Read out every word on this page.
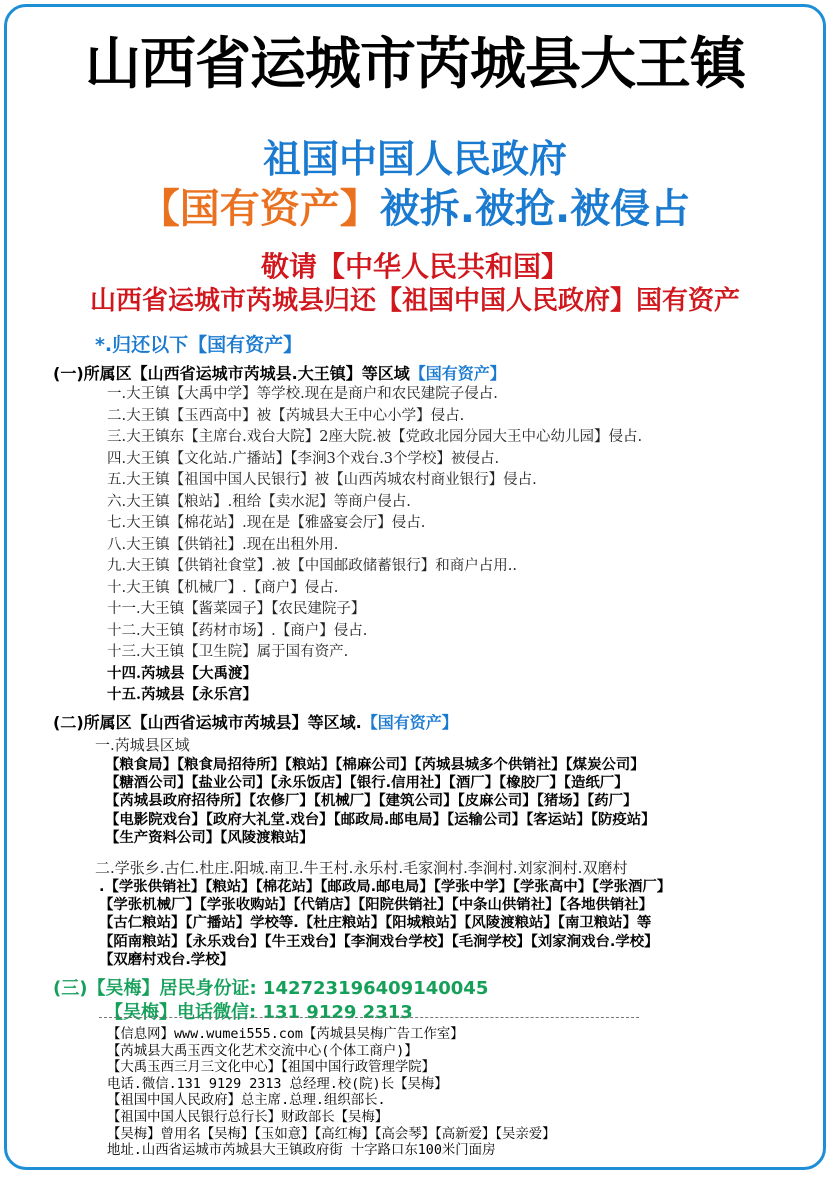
山西省运城市芮城县大王镇
祖国中国人民政府
【国有资产】被拆.被抢.被侵占
敬请【中华人民共和国】
山西省运城市芮城县归还【祖国中国人民政府】国有资产
*.归还以下【国有资产】
(一)所属区【山西省运城市芮城县.大王镇】等区域【国有资产】
一.大王镇【大禹中学】等学校.现在是商户和农民建院子侵占.
二.大王镇【玉西高中】被【芮城县大王中心小学】侵占.
三.大王镇东【主席台.戏台大院】2座大院.被【党政北园分园大王中心幼儿园】侵占.
四.大王镇【文化站.广播站】【李涧3个戏台.3个学校】被侵占.
五.大王镇【祖国中国人民银行】被【山西芮城农村商业银行】侵占.
六.大王镇【粮站】.租给【卖水泥】等商户侵占.
七.大王镇【棉花站】.现在是【雅盛宴会厅】侵占.
八.大王镇【供销社】.现在出租外用.
九.大王镇【供销社食堂】.被【中国邮政储蓄银行】和商户占用..
十.大王镇【机械厂】.【商户】侵占.
十一.大王镇【酱菜园子】【农民建院子】
十二.大王镇【药材市场】.【商户】侵占.
十三.大王镇【卫生院】属于国有资产.
十四.芮城县【大禹渡】
十五.芮城县【永乐宫】
(二)所属区【山西省运城市芮城县】等区域.【国有资产】
一.芮城县区域
【粮食局】【粮食局招待所】【粮站】【棉麻公司】【芮城县城多个供销社】【煤炭公司】
【糖酒公司】【盐业公司】【永乐饭店】【银行.信用社】【酒厂】【橡胶厂】【造纸厂】
【芮城县政府招待所】【农修厂】【机械厂】【建筑公司】【皮麻公司】【猪场】【药厂】
【电影院戏台】【政府大礼堂.戏台】【邮政局.邮电局】【运输公司】【客运站】【防疫站】
【生产资料公司】【风陵渡粮站】
二.学张乡.古仁.杜庄.阳城.南卫.牛王村.永乐村.毛家涧村.李涧村.刘家涧村.双磨村
.【学张供销社】【粮站】【棉花站】【邮政局.邮电局】【学张中学】【学张高中】【学张酒厂】
【学张机械厂】【学张收购站】【代销店】【阳院供销社】【中条山供销社】【各地供销社】
【古仁粮站】【广播站】学校等.【杜庄粮站】【阳城粮站】【风陵渡粮站】【南卫粮站】等
【陌南粮站】【永乐戏台】【牛王戏台】【李涧戏台学校】【毛涧学校】【刘家涧戏台.学校】
【双磨村戏台.学校】
(三)【吴梅】居民身份证: 142723196409140045
【吴梅】电话微信: 131 9129 2313
【信息网】www.wumei555.com【芮城县吴梅广告工作室】
【芮城县大禹玉西文化艺术交流中心(个体工商户)】
【大禹玉西三月三文化中心】【祖国中国行政管理学院】
电话.微信.131 9129 2313 总经理.校(院)长【吴梅】
【祖国中国人民政府】总主席.总理.组织部长.
【祖国中国人民银行总行长】财政部长【吴梅】
【吴梅】曾用名【吴梅】【玉如意】【高红梅】【高会琴】【高新爱】【吴亲爱】
地址.山西省运城市芮城县大王镇政府街 十字路口东100米门面房
